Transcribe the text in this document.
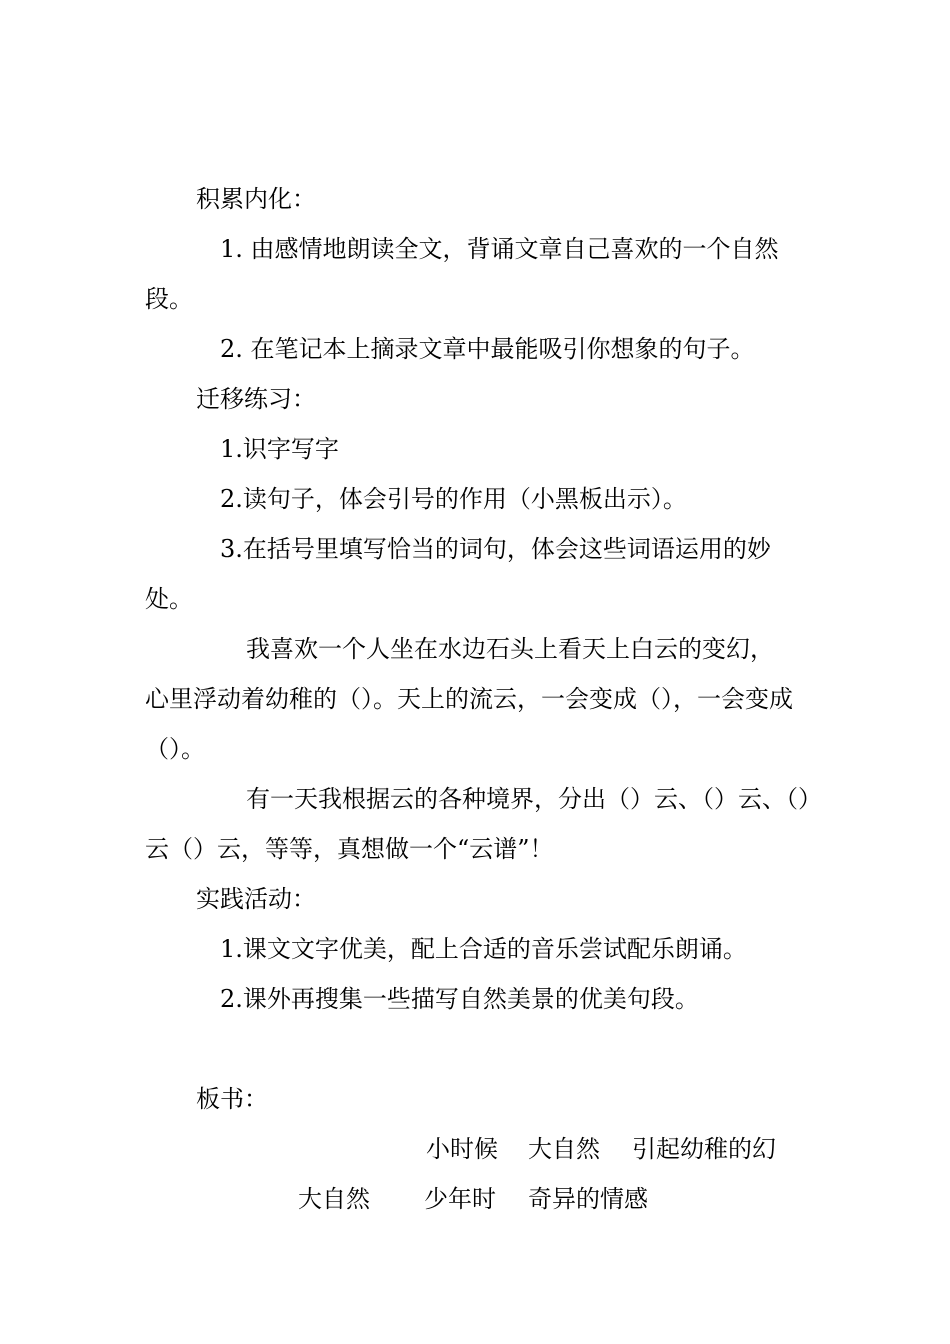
积累内化：
1. 由感情地朗读全文，背诵文章自己喜欢的一个自然
段。
2. 在笔记本上摘录文章中最能吸引你想象的句子。
迁移练习：
1.识字写字
2.读句子，体会引号的作用（小黑板出示）。
3.在括号里填写恰当的词句，体会这些词语运用的妙
处。
我喜欢一个人坐在水边石头上看天上白云的变幻，
心里浮动着幼稚的（）。天上的流云，一会变成（），一会变成
（）。
有一天我根据云的各种境界，分出（）云、（）云、（）
云（）云，等等，真想做一个“云谱”！
实践活动：
1.课文文字优美，配上合适的音乐尝试配乐朗诵。
2.课外再搜集一些描写自然美景的优美句段。
板书：
小时候 大自然 引起幼稚的幻
大自然 少年时 奇异的情感
